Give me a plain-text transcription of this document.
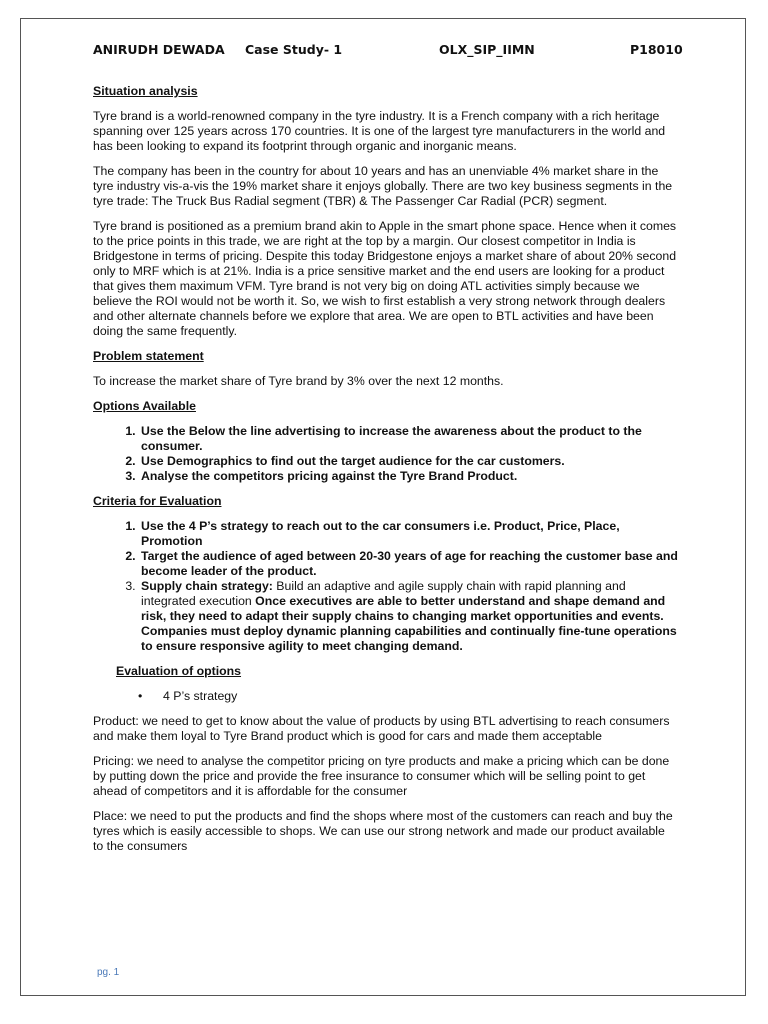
ANIRUDH DEWADA Case Study- 1	OLX_SIP_IIMN	P18010
Situation analysis

Tyre brand is a world-renowned company in the tyre industry. It is a French company with a rich heritage spanning over 125 years across 170 countries. It is one of the largest tyre manufacturers in the world and has been looking to expand its footprint through organic and inorganic means.

The company has been in the country for about 10 years and has an unenviable 4% market share in the tyre industry vis-a-vis the 19% market share it enjoys globally. There are two key business segments in the tyre trade: The Truck Bus Radial segment (TBR) & The Passenger Car Radial (PCR) segment.

Tyre brand is positioned as a premium brand akin to Apple in the smart phone space. Hence when it comes to the price points in this trade, we are right at the top by a margin. Our closest competitor in India is Bridgestone in terms of pricing. Despite this today Bridgestone enjoys a market share of about 20% second only to MRF which is at 21%. India is a price sensitive market and the end users are looking for a product that gives them maximum VFM. Tyre brand is not very big on doing ATL activities simply because we believe the ROI would not be worth it. So, we wish to first establish a very strong network through dealers and other alternate channels before we explore that area. We are open to BTL activities and have been doing the same frequently.

Problem statement

To increase the market share of Tyre brand by 3% over the next 12 months.

Options Available
1. Use the Below the line advertising to increase the awareness about the product to the consumer.
2. Use Demographics to find out the target audience for the car customers.
3. Analyse the competitors pricing against the Tyre Brand Product.
Criteria for Evaluation
1. Use the 4 P’s strategy to reach out to the car consumers i.e. Product, Price, Place, Promotion
2. Target the audience of aged between 20-30 years of age for reaching the customer base and become leader of the product.
3. Supply chain strategy: Build an adaptive and agile supply chain with rapid planning and integrated execution Once executives are able to better understand and shape demand and risk, they need to adapt their supply chains to changing market opportunities and events. Companies must deploy dynamic planning capabilities and continually fine-tune operations to ensure responsive agility to meet changing demand.
Evaluation of options
• 4 P’s strategy

Product: we need to get to know about the value of products by using BTL advertising to reach consumers and make them loyal to Tyre Brand product which is good for cars and made them acceptable

Pricing: we need to analyse the competitor pricing on tyre products and make a pricing which can be done by putting down the price and provide the free insurance to consumer which will be selling point to get ahead of competitors and it is affordable for the consumer

Place: we need to put the products and find the shops where most of the customers can reach and buy the tyres which is easily accessible to shops. We can use our strong network and made our product available to the consumers

pg. 1
